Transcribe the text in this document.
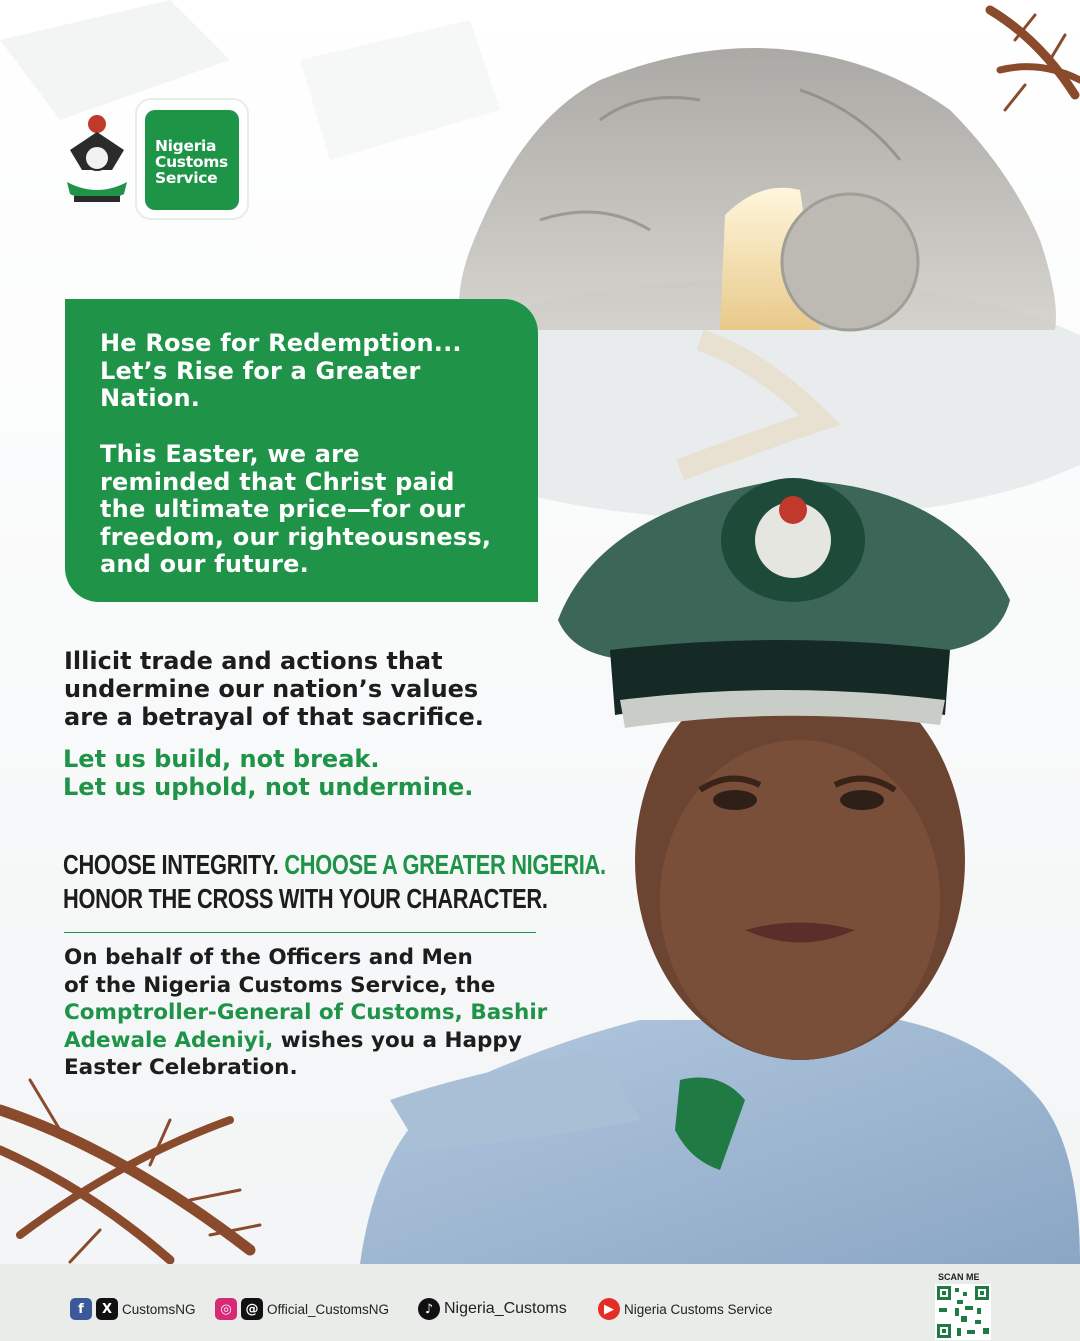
Nigeria
Customs
Service
He Rose for Redemption...
Let’s Rise for a Greater
Nation.
This Easter, we are
reminded that Christ paid
the ultimate price—for our
freedom, our righteousness,
and our future.
Illicit trade and actions that
undermine our nation’s values
are a betrayal of that sacrifice.
Let us build, not break.
Let us uphold, not undermine.
CHOOSE INTEGRITY. CHOOSE A GREATER NIGERIA.
HONOR THE CROSS WITH YOUR CHARACTER.
On behalf of the Officers and Men
of the Nigeria Customs Service, the
Comptroller-General of Customs, Bashir
Adewale Adeniyi, wishes you a Happy
Easter Celebration.
f	X CustomsNG	◎	@ Official_CustomsNG	♪ Nigeria_Customs	▶ Nigeria Customs Service
SCAN ME
